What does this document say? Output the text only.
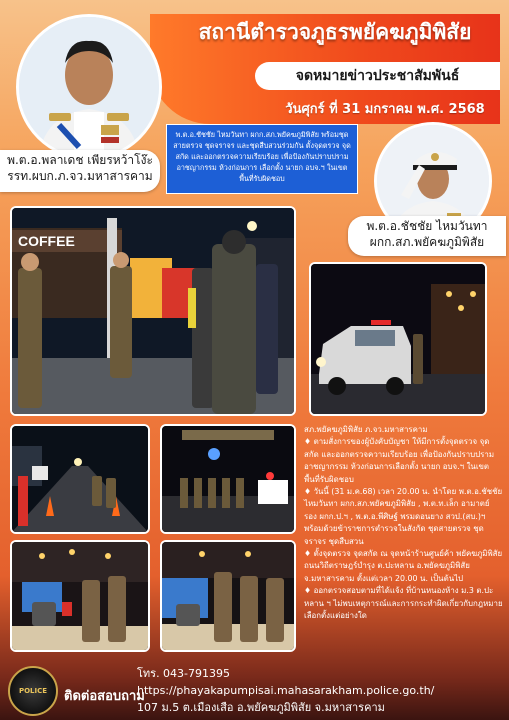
สถานีตำรวจภูธรพยัคฆภูมิพิสัย
จดหมายข่าวประชาสัมพันธ์
วันศุกร์ ที่ 31 มกราคม พ.ศ. 2568
พ.ต.อ.พลาเดช เพียรหว้าโง๊ะ
รรท.ผบก.ภ.จว.มหาสารคาม
พ.ต.อ.ชัชชัย ไหมวันทา ผกก.สภ.พยัคฆภูมิพิสัย พร้อมชุดสายตรวจ ชุดจราจร และชุดสืบสวนร่วมกัน ตั้งจุดตรวจ จุดสกัด และออกตรวจความเรียบร้อย เพื่อป้องกันปราบปรามอาชญากรรม ห้วงก่อนการ เลือกตั้ง นายก อบจ.ฯ ในเขตพื้นที่รับผิดชอบ
พ.ต.อ.ชัชชัย ไหมวันทา
ผกก.สภ.พยัคฆภูมิพิสัย
COFFEE

สภ.พยัคฆภูมิพิสัย ภ.จว.มหาสารคาม

♦ ตามสั่งการของผู้บังคับบัญชา ให้มีการตั้งจุดตรวจ จุดสกัด และออกตรวจความเรียบร้อย เพื่อป้องกันปราบปรามอาชญากรรม ห้วงก่อนการเลือกตั้ง นายก อบจ.ฯ ในเขตพื้นที่รับผิดชอบ

♦ วันนี้ (31 ม.ค.68) เวลา 20.00 น. นำโดย พ.ต.อ.ชัชชัย ไหมวันทา ผกก.สภ.พยัคฆภูมิพิสัย , พ.ต.ท.เล็ก อามาตย์ รอง ผกก.ป.ฯ , พ.ต.อ.พีศิษฐ์ พรมดอนยาง สวป.(สบ.)ฯ พร้อมด้วยข้าราชการตำรวจในสังกัด ชุดสายตรวจ ชุดจราจร ชุดสืบสวน

♦ ตั้งจุดตรวจ จุดสกัด ณ จุดหน้าร้านศูนย์ค้า พยัคฆภูมิพิสัย ถนนวิถีตราษฎร์บำรุง ต.ปะหลาน อ.พยัคฆภูมิพิสัย จ.มหาสารคาม ตั้งแต่เวลา 20.00 น. เป็นต้นไป

♦ ออกตรวจสอบตามที่ได้แจ้ง ที่บ้านหนองห้าง ม.3 ต.ปะหลาน ฯ ไม่พบเหตุการณ์และการกระทำผิดเกี่ยวกับกฎหมายเลือกตั้งแต่อย่างใด

POLICE	ติดต่อสอบถาม
โทร. 043-791395
https://phayakapumpisai.mahasarakham.police.go.th/
107 ม.5 ต.เมืองเสือ อ.พยัคฆภูมิพิสัย จ.มหาสารคาม
